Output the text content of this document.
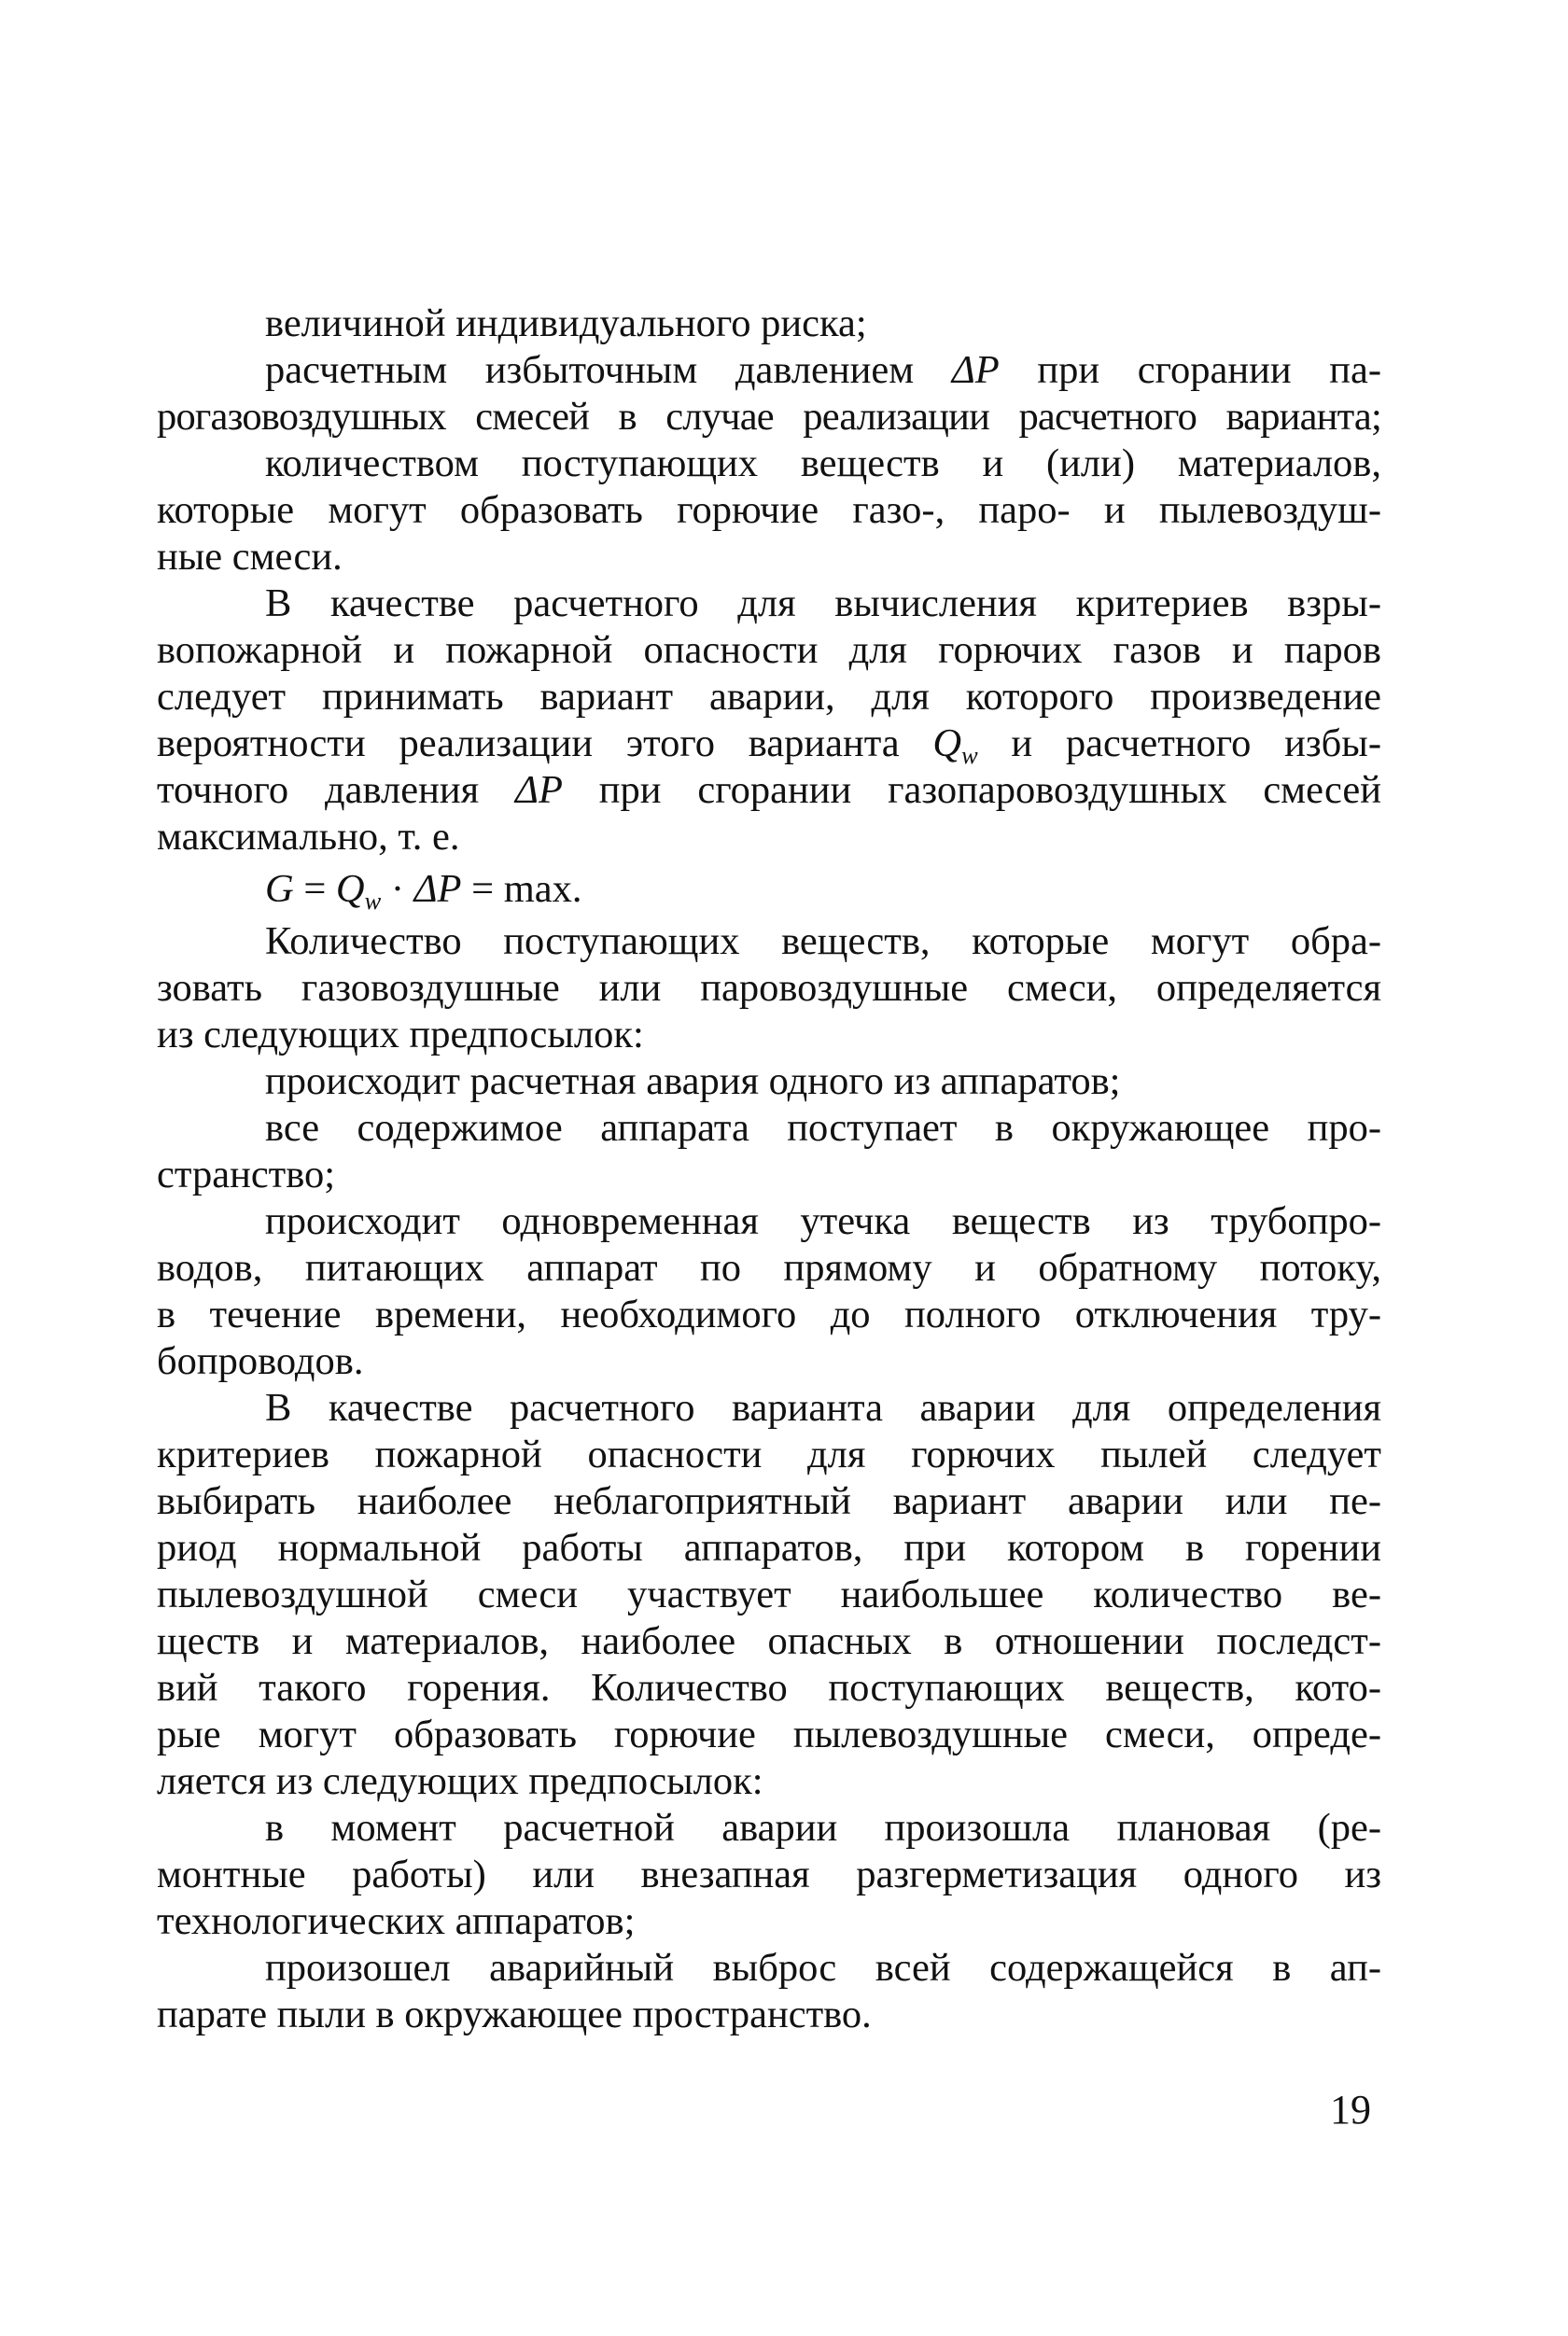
величиной индивидуального риска;
расчетным избыточным давлением ΔP при сгорании па-
рогазовоздушных смесей в случае реализации расчетного варианта;
количеством поступающих веществ и (или) материалов,
которые могут образовать горючие газо-, паро- и пылевоздуш-
ные смеси.
В качестве расчетного для вычисления критериев взры-
вопожарной и пожарной опасности для горючих газов и паров
следует принимать вариант аварии, для которого произведение
вероятности реализации этого варианта $Q_w$ и расчетного избы-
точного давления ΔP при сгорании газопаровоздушных смесей
максимально, т. е.
$G = Q_w \cdot \Delta P = \max$.
Количество поступающих веществ, которые могут обра-
зовать газовоздушные или паровоздушные смеси, определяется
из следующих предпосылок:
происходит расчетная авария одного из аппаратов;
все содержимое аппарата поступает в окружающее про-
странство;
происходит одновременная утечка веществ из трубопро-
водов, питающих аппарат по прямому и обратному потоку,
в течение времени, необходимого до полного отключения тру-
бопроводов.
В качестве расчетного варианта аварии для определения
критериев пожарной опасности для горючих пылей следует
выбирать наиболее неблагоприятный вариант аварии или пе-
риод нормальной работы аппаратов, при котором в горении
пылевоздушной смеси участвует наибольшее количество ве-
ществ и материалов, наиболее опасных в отношении последст-
вий такого горения. Количество поступающих веществ, кото-
рые могут образовать горючие пылевоздушные смеси, опреде-
ляется из следующих предпосылок:
в момент расчетной аварии произошла плановая (ре-
монтные работы) или внезапная разгерметизация одного из
технологических аппаратов;
произошел аварийный выброс всей содержащейся в ап-
парате пыли в окружающее пространство.
19
